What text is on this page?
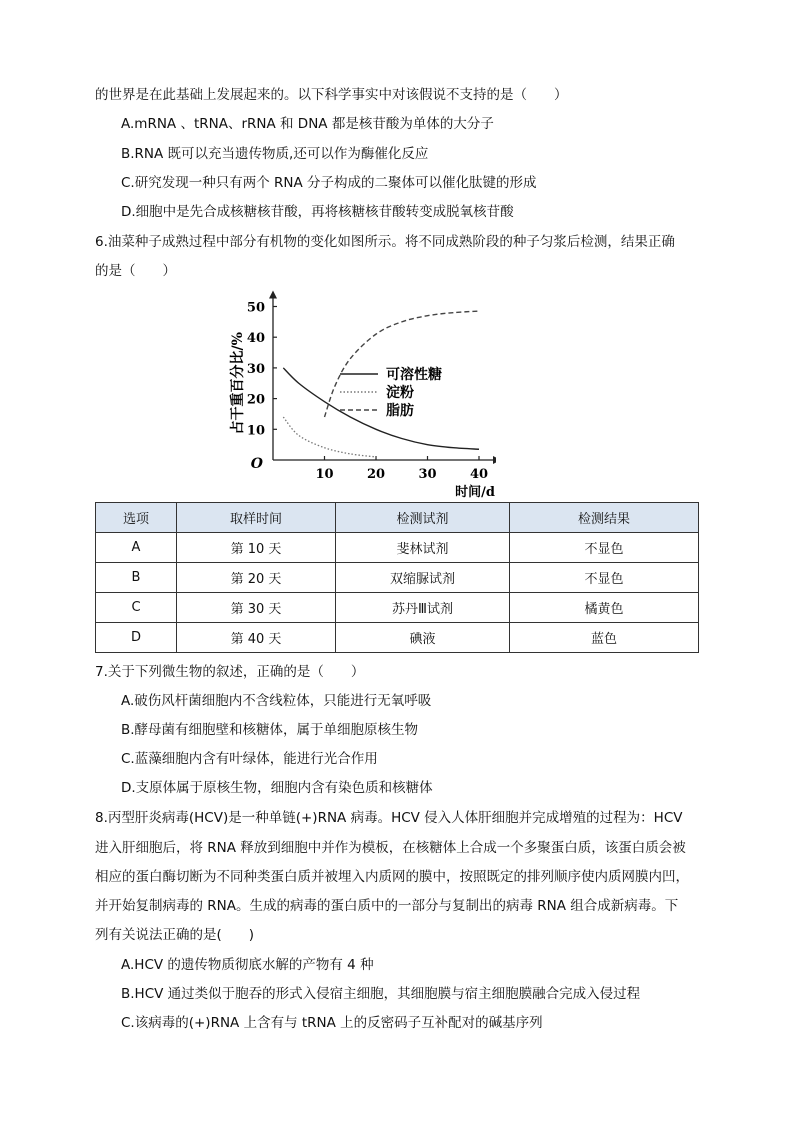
的世界是在此基础上发展起来的。以下科学事实中对该假说不支持的是（　　）
A.mRNA 、tRNA、rRNA 和 DNA 都是核苷酸为单体的大分子
B.RNA 既可以充当遗传物质,还可以作为酶催化反应
C.研究发现一种只有两个 RNA 分子构成的二聚体可以催化肽键的形成
D.细胞中是先合成核糖核苷酸，再将核糖核苷酸转变成脱氧核苷酸
6.油菜种子成熟过程中部分有机物的变化如图所示。将不同成熟阶段的种子匀浆后检测，结果正确
的是（　　）
O
10	20	30	40
10
20
30
40
50
时间/d
占干重百分比/%	可溶性糖
淀粉
脂肪
选项	取样时间	检测试剂	检测结果
A	第 10 天	斐林试剂	不显色
B	第 20 天	双缩脲试剂	不显色
C	第 30 天	苏丹Ⅲ试剂	橘黄色
D	第 40 天	碘液	蓝色
7.关于下列微生物的叙述，正确的是（　　）
A.破伤风杆菌细胞内不含线粒体，只能进行无氧呼吸
B.酵母菌有细胞壁和核糖体，属于单细胞原核生物
C.蓝藻细胞内含有叶绿体，能进行光合作用
D.支原体属于原核生物，细胞内含有染色质和核糖体
8.丙型肝炎病毒(HCV)是一种单链(+)RNA 病毒。HCV 侵入人体肝细胞并完成增殖的过程为：HCV
进入肝细胞后，将 RNA 释放到细胞中并作为模板，在核糖体上合成一个多聚蛋白质，该蛋白质会被
相应的蛋白酶切断为不同种类蛋白质并被埋入内质网的膜中，按照既定的排列顺序使内质网膜内凹，
并开始复制病毒的 RNA。生成的病毒的蛋白质中的一部分与复制出的病毒 RNA 组合成新病毒。下
列有关说法正确的是(　　)
A.HCV 的遗传物质彻底水解的产物有 4 种
B.HCV 通过类似于胞吞的形式入侵宿主细胞，其细胞膜与宿主细胞膜融合完成入侵过程
C.该病毒的(+)RNA 上含有与 tRNA 上的反密码子互补配对的碱基序列
